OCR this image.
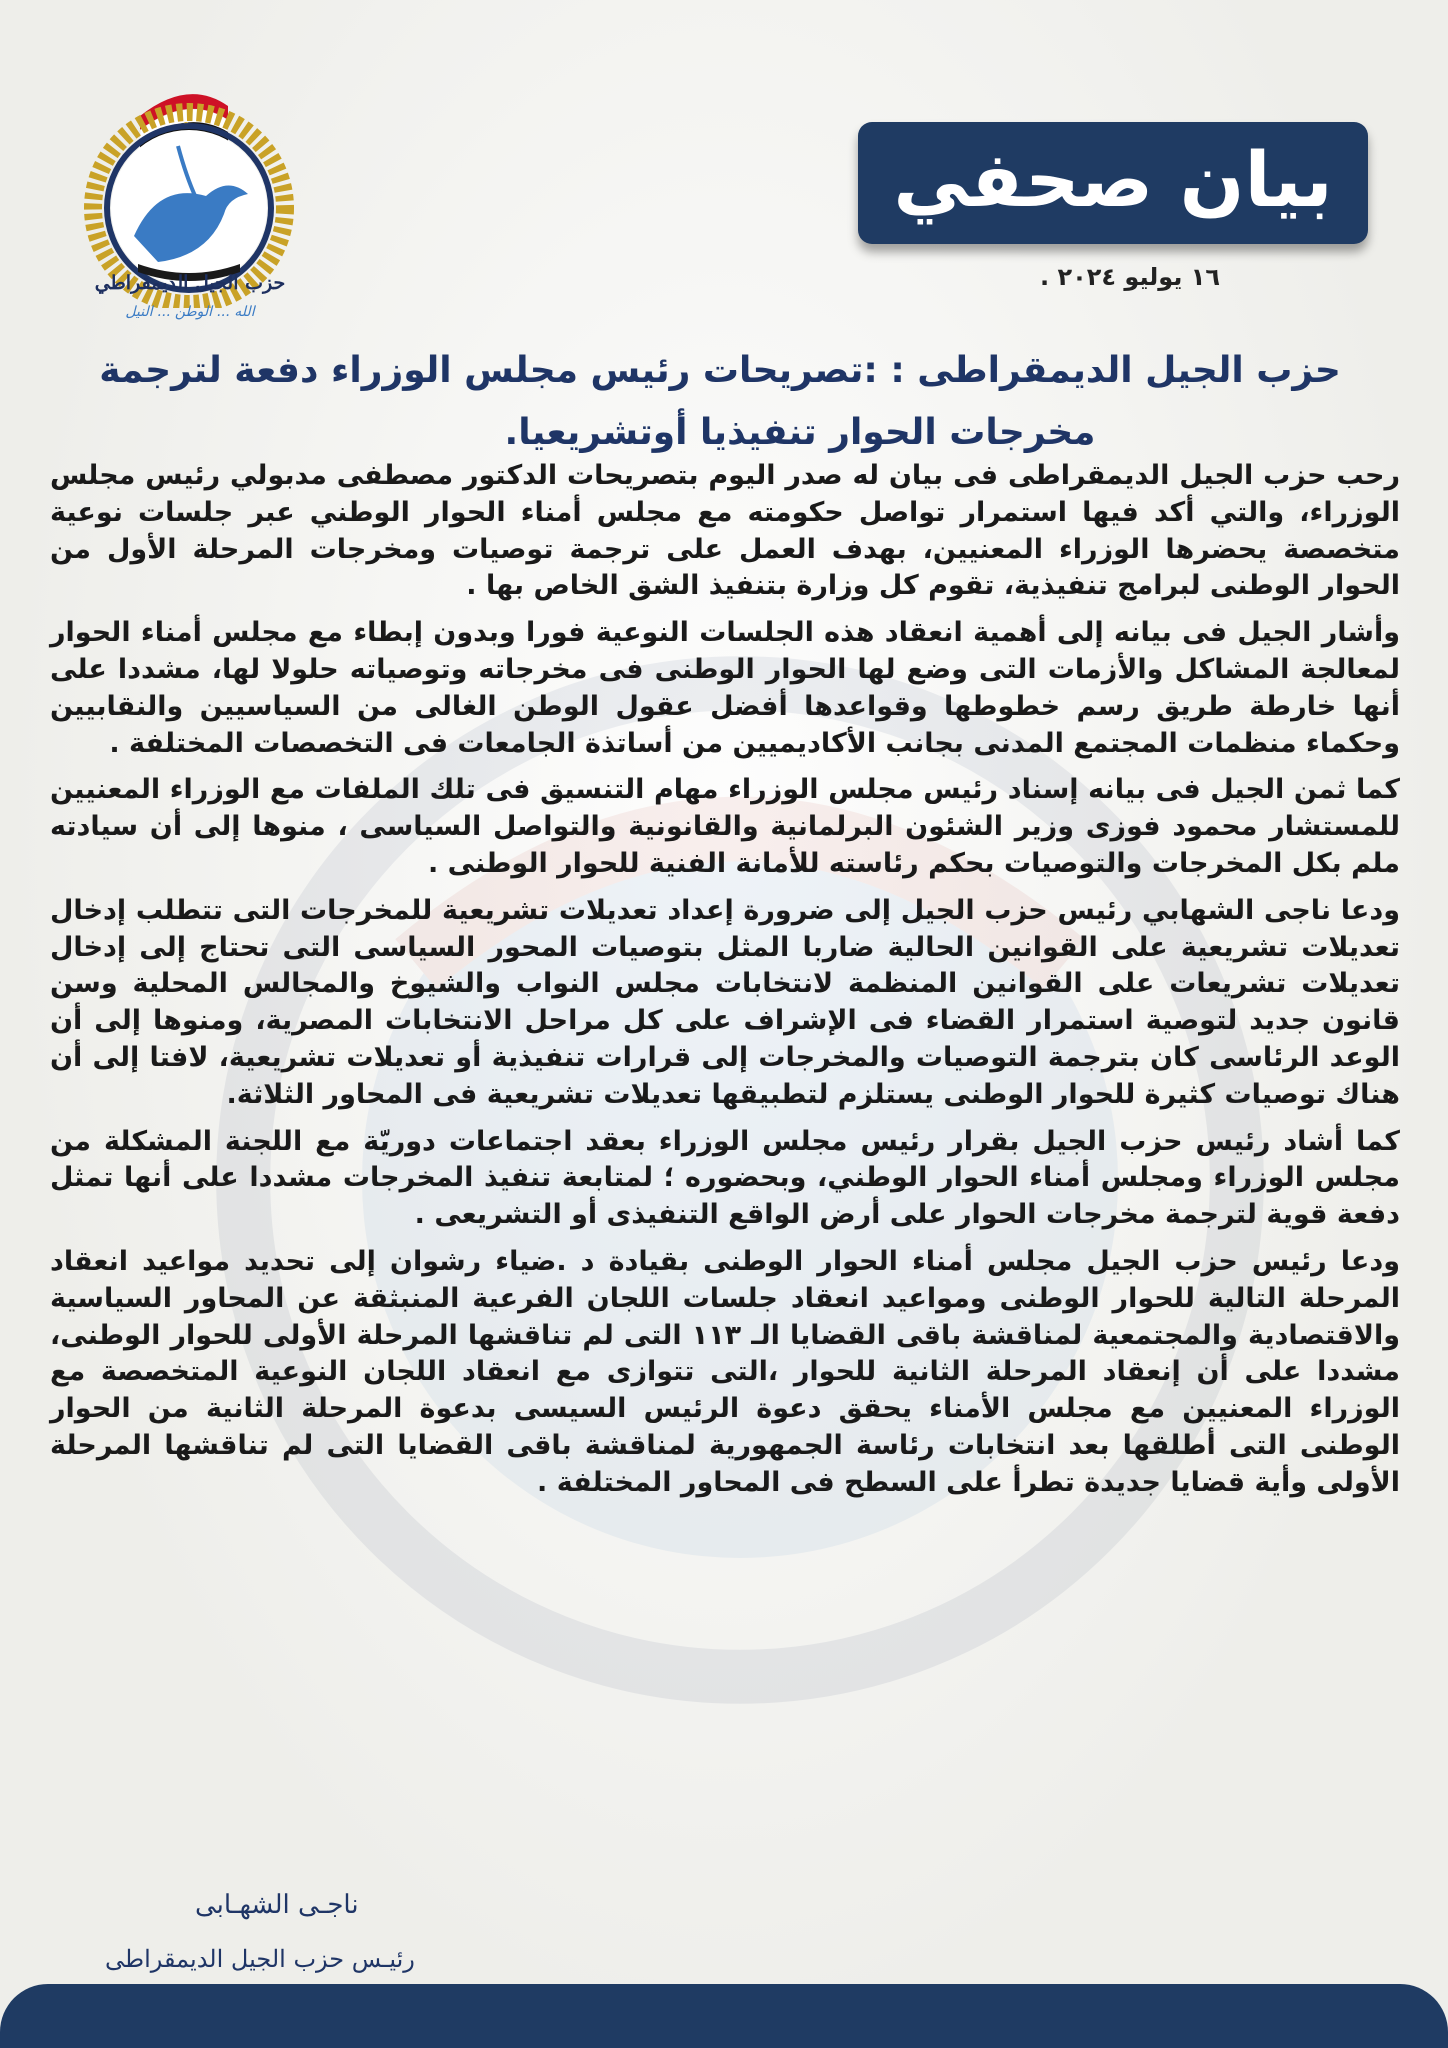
حزب الجيل الديمقراطي
الله ... الوطن ... النيل
بيان صحفي
١٦ يوليو ٢٠٢٤ .
حزب الجيل الديمقراطى : :تصريحات رئيس مجلس الوزراء دفعة لترجمة
مخرجات الحوار تنفيذيا أوتشريعيا.

رحب حزب الجيل الديمقراطى فى بيان له صدر اليوم بتصريحات الدكتور مصطفى مدبولي رئيس مجلس الوزراء، والتي أكد فيها استمرار تواصل حكومته مع مجلس أمناء الحوار الوطني عبر جلسات نوعية متخصصة يحضرها الوزراء المعنيين، بهدف العمل على ترجمة توصيات ومخرجات المرحلة الأول من الحوار الوطنى لبرامج تنفيذية، تقوم كل وزارة بتنفيذ الشق الخاص بها .

وأشار الجيل فى بيانه إلى أهمية انعقاد هذه الجلسات النوعية فورا وبدون إبطاء مع مجلس أمناء الحوار لمعالجة المشاكل والأزمات التى وضع لها الحوار الوطنى فى مخرجاته وتوصياته حلولا لها، مشددا على أنها خارطة طريق رسم خطوطها وقواعدها أفضل عقول الوطن الغالى من السياسيين والنقابيين وحكماء منظمات المجتمع المدنى بجانب الأكاديميين من أساتذة الجامعات فى التخصصات المختلفة .

كما ثمن الجيل فى بيانه إسناد رئيس مجلس الوزراء مهام التنسيق فى تلك الملفات مع الوزراء المعنيين للمستشار محمود فوزى وزير الشئون البرلمانية والقانونية والتواصل السياسى ، منوها إلى أن سيادته ملم بكل المخرجات والتوصيات بحكم رئاسته للأمانة الفنية للحوار الوطنى .

ودعا ناجى الشهابي رئيس حزب الجيل إلى ضرورة إعداد تعديلات تشريعية للمخرجات التى تتطلب إدخال تعديلات تشريعية على القوانين الحالية ضاربا المثل بتوصيات المحور السياسى التى تحتاج إلى إدخال تعديلات تشريعات على القوانين المنظمة لانتخابات مجلس النواب والشيوخ والمجالس المحلية وسن قانون جديد لتوصية استمرار القضاء فى الإشراف على كل مراحل الانتخابات المصرية، ومنوها إلى أن الوعد الرئاسى كان بترجمة التوصيات والمخرجات إلى قرارات تنفيذية أو تعديلات تشريعية، لافتا إلى أن هناك توصيات كثيرة للحوار الوطنى يستلزم لتطبيقها تعديلات تشريعية فى المحاور الثلاثة.

كما أشاد رئيس حزب الجيل بقرار رئيس مجلس الوزراء بعقد اجتماعات دوريّة مع اللجنة المشكلة من مجلس الوزراء ومجلس أمناء الحوار الوطني، وبحضوره ؛ لمتابعة تنفيذ المخرجات مشددا على أنها تمثل دفعة قوية لترجمة مخرجات الحوار على أرض الواقع التنفيذى أو التشريعى .

ودعا رئيس حزب الجيل مجلس أمناء الحوار الوطنى بقيادة د .ضياء رشوان إلى تحديد مواعيد انعقاد المرحلة التالية للحوار الوطنى ومواعيد انعقاد جلسات اللجان الفرعية المنبثقة عن المحاور السياسية والاقتصادية والمجتمعية لمناقشة باقى القضايا الـ ١١٣ التى لم تناقشها المرحلة الأولى للحوار الوطنى، مشددا على أن إنعقاد المرحلة الثانية للحوار ،التى تتوازى مع انعقاد اللجان النوعية المتخصصة مع الوزراء المعنيين مع مجلس الأمناء يحقق دعوة الرئيس السيسى بدعوة المرحلة الثانية من الحوار الوطنى التى أطلقها بعد انتخابات رئاسة الجمهورية لمناقشة باقى القضايا التى لم تناقشها المرحلة الأولى وأية قضايا جديدة تطرأ على السطح فى المحاور المختلفة .

ناجـى الشهـابى
رئيـس حزب الجيل الديمقراطى
